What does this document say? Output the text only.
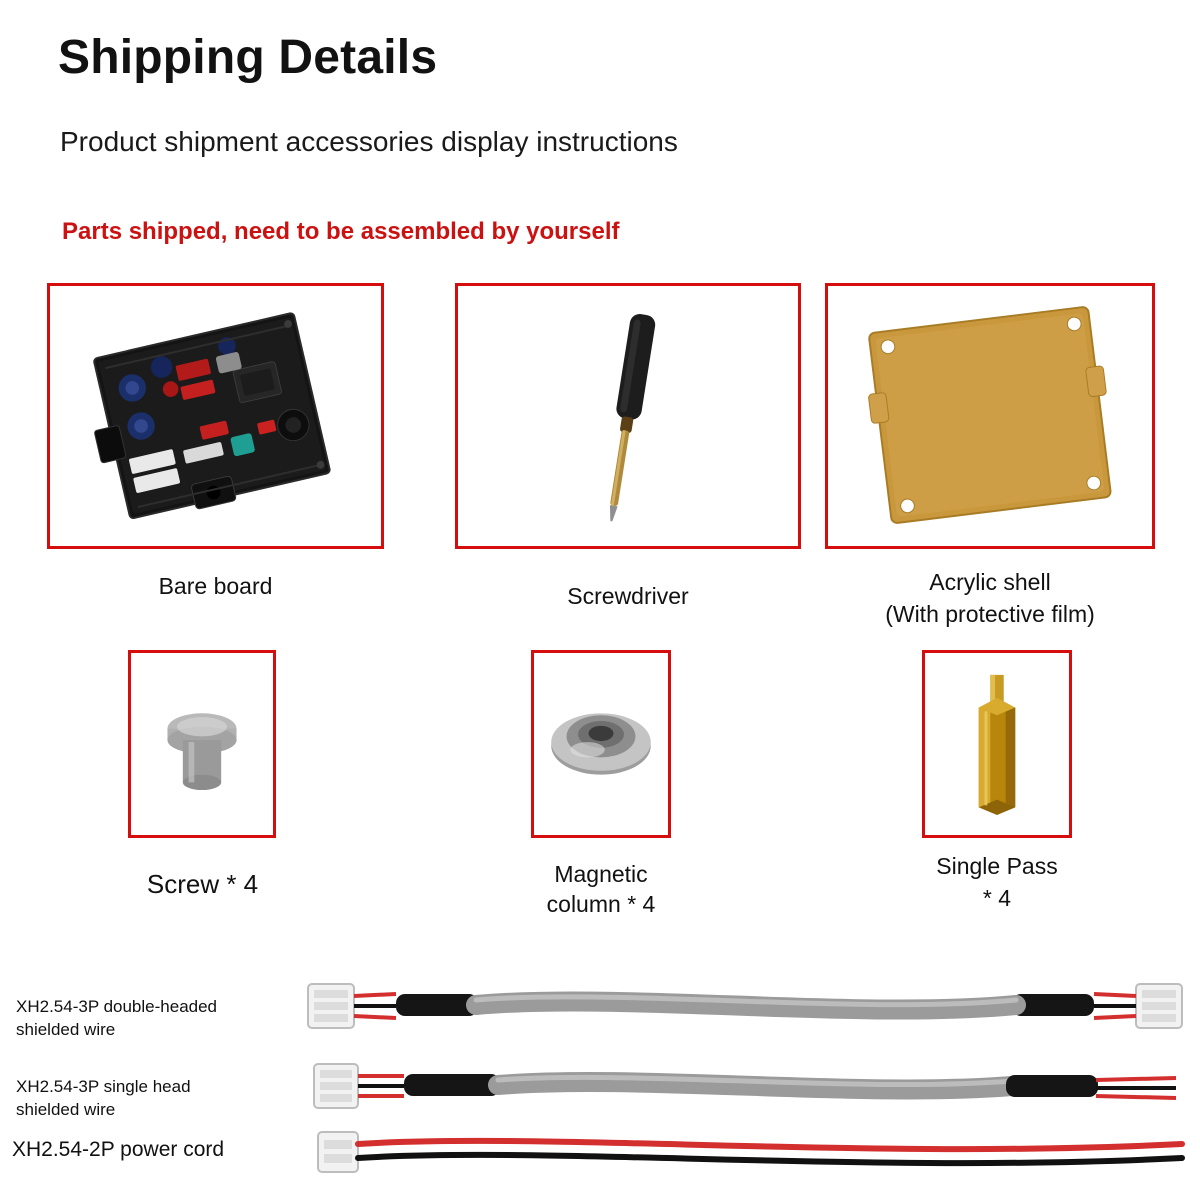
Shipping Details
Product shipment accessories display instructions
Parts shipped, need to be assembled by yourself
Bare board	Screwdriver
Acrylic shell
(With protective film)
Screw * 4	Magnetic
column * 4
Single Pass
* 4
XH2.54-3P double-headed
shielded wire
XH2.54-3P single head
shielded wire
XH2.54-2P power cord
